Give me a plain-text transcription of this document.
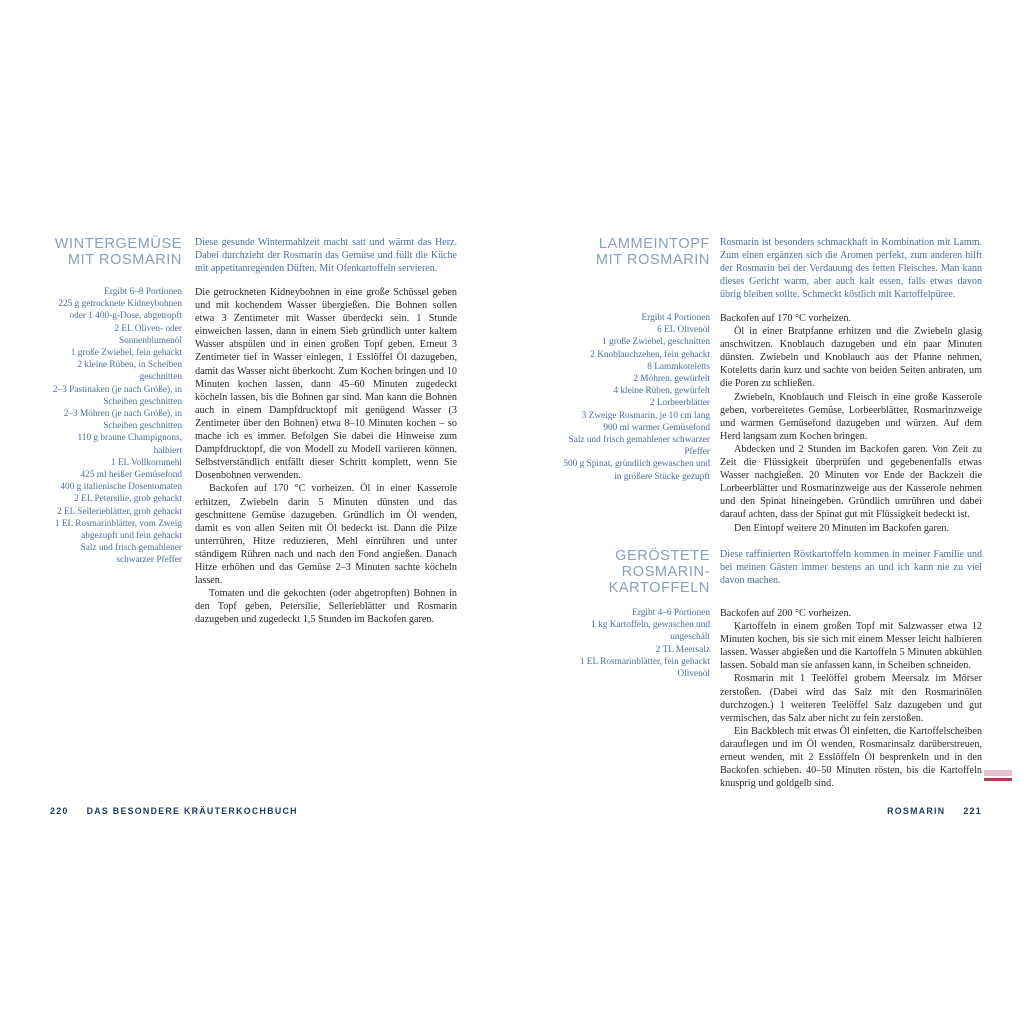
WINTERGEMÜSE
MIT ROSMARIN

Diese gesunde Wintermahlzeit macht satt und wärmt das Herz. Dabei durchzieht der Rosmarin das Gemüse und füllt die Küche mit appetitanregenden Düften. Mit Ofenkartoffeln servieren.

Ergibt 6–8 Portionen

225 g getrocknete Kidneybohnen oder 1 400-g-Dose, abgetropft
2 EL Oliven- oder Sonnenblumenöl
1 große Zwiebel, fein gehackt
2 kleine Rüben, in Scheiben geschnitten
2–3 Pastinaken (je nach Größe), in Scheiben geschnitten
2–3 Möhren (je nach Größe), in Scheiben geschnitten
110 g braune Champignons, halbiert
1 EL Vollkornmehl
425 ml heißer Gemüsefond
400 g italienische Dosentomaten
2 EL Petersilie, grob gehackt
2 EL Sellerieblätter, grob gehackt
1 EL Rosmarinblätter, vom Zweig abgezupft und fein gehackt
Salz und frisch gemahlener schwarzer Pfeffer

Die getrockneten Kidneybohnen in eine große Schüssel geben und mit kochendem Wasser übergießen. Die Bohnen sollen etwa 3 Zentimeter mit Wasser überdeckt sein. 1 Stunde einweichen lassen, dann in einem Sieb gründlich unter kaltem Wasser abspülen und in einen großen Topf geben. Erneut 3 Zentimeter tief in Wasser einlegen, 1 Esslöffel Öl dazugeben, damit das Wasser nicht überkocht. Zum Kochen bringen und 10 Minuten kochen lassen, dann 45–60 Minuten zugedeckt köcheln lassen, bis die Bohnen gar sind. Man kann die Bohnen auch in einem Dampfdrucktopf mit genügend Wasser (3 Zentimeter über den Bohnen) etwa 8–10 Minuten kochen – so mache ich es immer. Befolgen Sie dabei die Hinweise zum Dampfdrucktopf, die von Modell zu Modell variieren können. Selbstverständlich entfällt dieser Schritt komplett, wenn Sie Dosenbohnen verwenden.

Backofen auf 170 °C vorheizen. Öl in einer Kasserole erhitzen, Zwiebeln darin 5 Minuten dünsten und das geschnittene Gemüse dazugeben. Gründlich im Öl wenden, damit es von allen Seiten mit Öl bedeckt ist. Dann die Pilze unterrühren, Hitze reduzieren, Mehl einrühren und unter ständigem Rühren nach und nach den Fond angießen. Danach Hitze erhöhen und das Gemüse 2–3 Minuten sachte köcheln lassen.

Tomaten und die gekochten (oder abgetropften) Bohnen in den Topf geben, Petersilie, Sellerieblätter und Rosmarin dazugeben und zugedeckt 1,5 Stunden im Backofen garen.

LAMMEINTOPF
MIT ROSMARIN

Rosmarin ist besonders schmackhaft in Kombination mit Lamm. Zum einen ergänzen sich die Aromen perfekt, zum anderen hilft der Rosmarin bei der Verdauung des fetten Fleisches. Man kann dieses Gericht warm, aber auch kalt essen, falls etwas davon übrig bleiben sollte. Schmeckt köstlich mit Kartoffelpüree.

Ergibt 4 Portionen

6 EL Olivenöl
1 große Zwiebel, geschnitten
2 Knoblauchzehen, fein gehackt
8 Lammkoteletts
2 Möhren, gewürfelt
4 kleine Rüben, gewürfelt
2 Lorbeerblätter
3 Zweige Rosmarin, je 10 cm lang
900 ml warmer Gemüsefond
Salz und frisch gemahlener schwarzer Pfeffer
500 g Spinat, gründlich gewaschen und in größere Stücke gezupft

Backofen auf 170 °C vorheizen.

Öl in einer Bratpfanne erhitzen und die Zwiebeln glasig anschwitzen. Knoblauch dazugeben und ein paar Minuten dünsten. Zwiebeln und Knoblauch aus der Pfanne nehmen, Koteletts darin kurz und sachte von beiden Seiten anbraten, um die Poren zu schließen.

Zwiebeln, Knoblauch und Fleisch in eine große Kasserole geben, vorbereitetes Gemüse, Lorbeerblätter, Rosmarinzweige und warmen Gemüsefond dazugeben und würzen. Auf dem Herd langsam zum Kochen bringen.

Abdecken und 2 Stunden im Backofen garen. Von Zeit zu Zeit die Flüssigkeit überprüfen und gegebenenfalls etwas Wasser nachgießen. 20 Minuten vor Ende der Backzeit die Lorbeerblätter und Rosmarinzweige aus der Kasserole nehmen und den Spinat hineingeben. Gründlich umrühren und dabei darauf achten, dass der Spinat gut mit Flüssigkeit bedeckt ist.

Den Eintopf weitere 20 Minuten im Backofen garen.

GERÖSTETE
ROSMARIN-
KARTOFFELN

Diese raffinierten Röstkartoffeln kommen in meiner Familie und bei meinen Gästen immer bestens an und ich kann nie zu viel davon machen.

Ergibt 4–6 Portionen

1 kg Kartoffeln, gewaschen und ungeschält
2 TL Meersalz
1 EL Rosmarinblätter, fein gehackt
Olivenöl

Backofen auf 200 °C vorheizen.

Kartoffeln in einem großen Topf mit Salzwasser etwa 12 Minuten kochen, bis sie sich mit einem Messer leicht halbieren lassen. Wasser abgießen und die Kartoffeln 5 Minuten abkühlen lassen. Sobald man sie anfassen kann, in Scheiben schneiden.

Rosmarin mit 1 Teelöffel grobem Meersalz im Mörser zerstoßen. (Dabei wird das Salz mit den Rosmarinölen durchzogen.) 1 weiteren Teelöffel Salz dazugeben und gut vermischen, das Salz aber nicht zu fein zerstoßen.

Ein Backblech mit etwas Öl einfetten, die Kartoffelscheiben darauflegen und im Öl wenden, Rosmarinsalz darüberstreuen, erneut wenden, mit 2 Esslöffeln Öl besprenkeln und in den Backofen schieben. 40–50 Minuten rösten, bis die Kartoffeln knusprig und goldgelb sind.

220 DAS BESONDERE KRÄUTERKOCHBUCH	ROSMARIN 221
